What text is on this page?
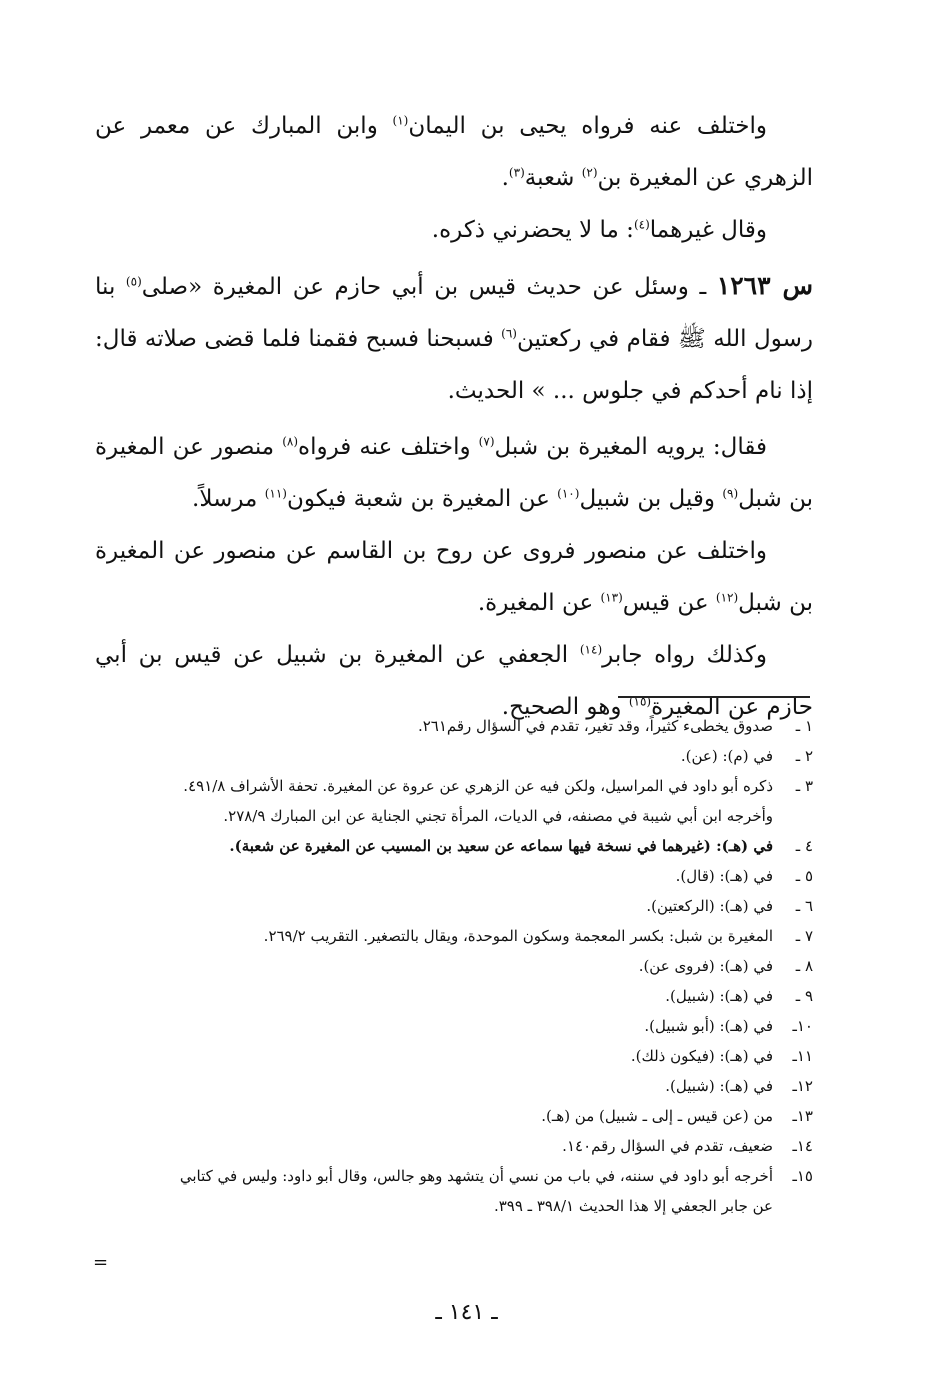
واختلف عنه فرواه يحيى بن اليمان$^{(١)}$ وابن المبارك عن معمر عن الزهري عن المغيرة بن$^{(٢)}$ شعبة$^{(٣)}$.

وقال غيرهما$^{(٤)}$: ما لا يحضرني ذكره.

س ١٢٦٣ ـ وسئل عن حديث قيس بن أبي حازم عن المغيرة «صلى$^{(٥)}$ بنا رسول الله ﷺ فقام في ركعتين$^{(٦)}$ فسبحنا فسبح فقمنا فلما قضى صلاته قال: إذا نام أحدكم في جلوس ... » الحديث.

فقال: يرويه المغيرة بن شبل$^{(٧)}$ واختلف عنه فرواه$^{(٨)}$ منصور عن المغيرة بن شبل$^{(٩)}$ وقيل بن شبيل$^{(١٠)}$ عن المغيرة بن شعبة فيكون$^{(١١)}$ مرسلاً.

واختلف عن منصور فروى عن روح بن القاسم عن منصور عن المغيرة بن شبل$^{(١٢)}$ عن قيس$^{(١٣)}$ عن المغيرة.

وكذلك رواه جابر$^{(١٤)}$ الجعفي عن المغيرة بن شبيل عن قيس بن أبي حازم عن المغيرة$^{(١٥)}$ وهو الصحيح.

١ ـ
صدوق يخطىء كثيراً، وقد تغير، تقدم في السؤال رقم٢٦١.
٢ ـ
في (م): (عن).
٣ ـ
ذكره أبو داود في المراسيل، ولكن فيه عن الزهري عن عروة عن المغيرة. تحفة الأشراف ٤٩١/٨.
وأخرجه ابن أبي شيبة في مصنفه، في الديات، المرأة تجني الجناية عن ابن المبارك ٢٧٨/٩.
٤ ـ
في (هـ): (غيرهما في نسخة فيها سماعه عن سعيد بن المسيب عن المغيرة عن شعبة).
٥ ـ
في (هـ): (قال).
٦ ـ
في (هـ): (الركعتين).
٧ ـ
المغيرة بن شبل: بكسر المعجمة وسكون الموحدة، ويقال بالتصغير. التقريب ٢٦٩/٢.
٨ ـ
في (هـ): (فروى عن).
٩ ـ
في (هـ): (شبيل).
١٠ـ
في (هـ): (أبو شبيل).
١١ـ
في (هـ): (فيكون ذلك).
١٢ـ
في (هـ): (شبيل).
١٣ـ
من (عن قيس ـ إلى ـ شبيل) من (هـ).
١٤ـ
ضعيف، تقدم في السؤال رقم١٤٠.
١٥ـ
أخرجه أبو داود في سننه، في باب من نسي أن يتشهد وهو جالس، وقال أبو داود: وليس في كتابي
عن جابر الجعفي إلا هذا الحديث ٣٩٨/١ ـ ٣٩٩.
=
ـ ١٤١ ـ
